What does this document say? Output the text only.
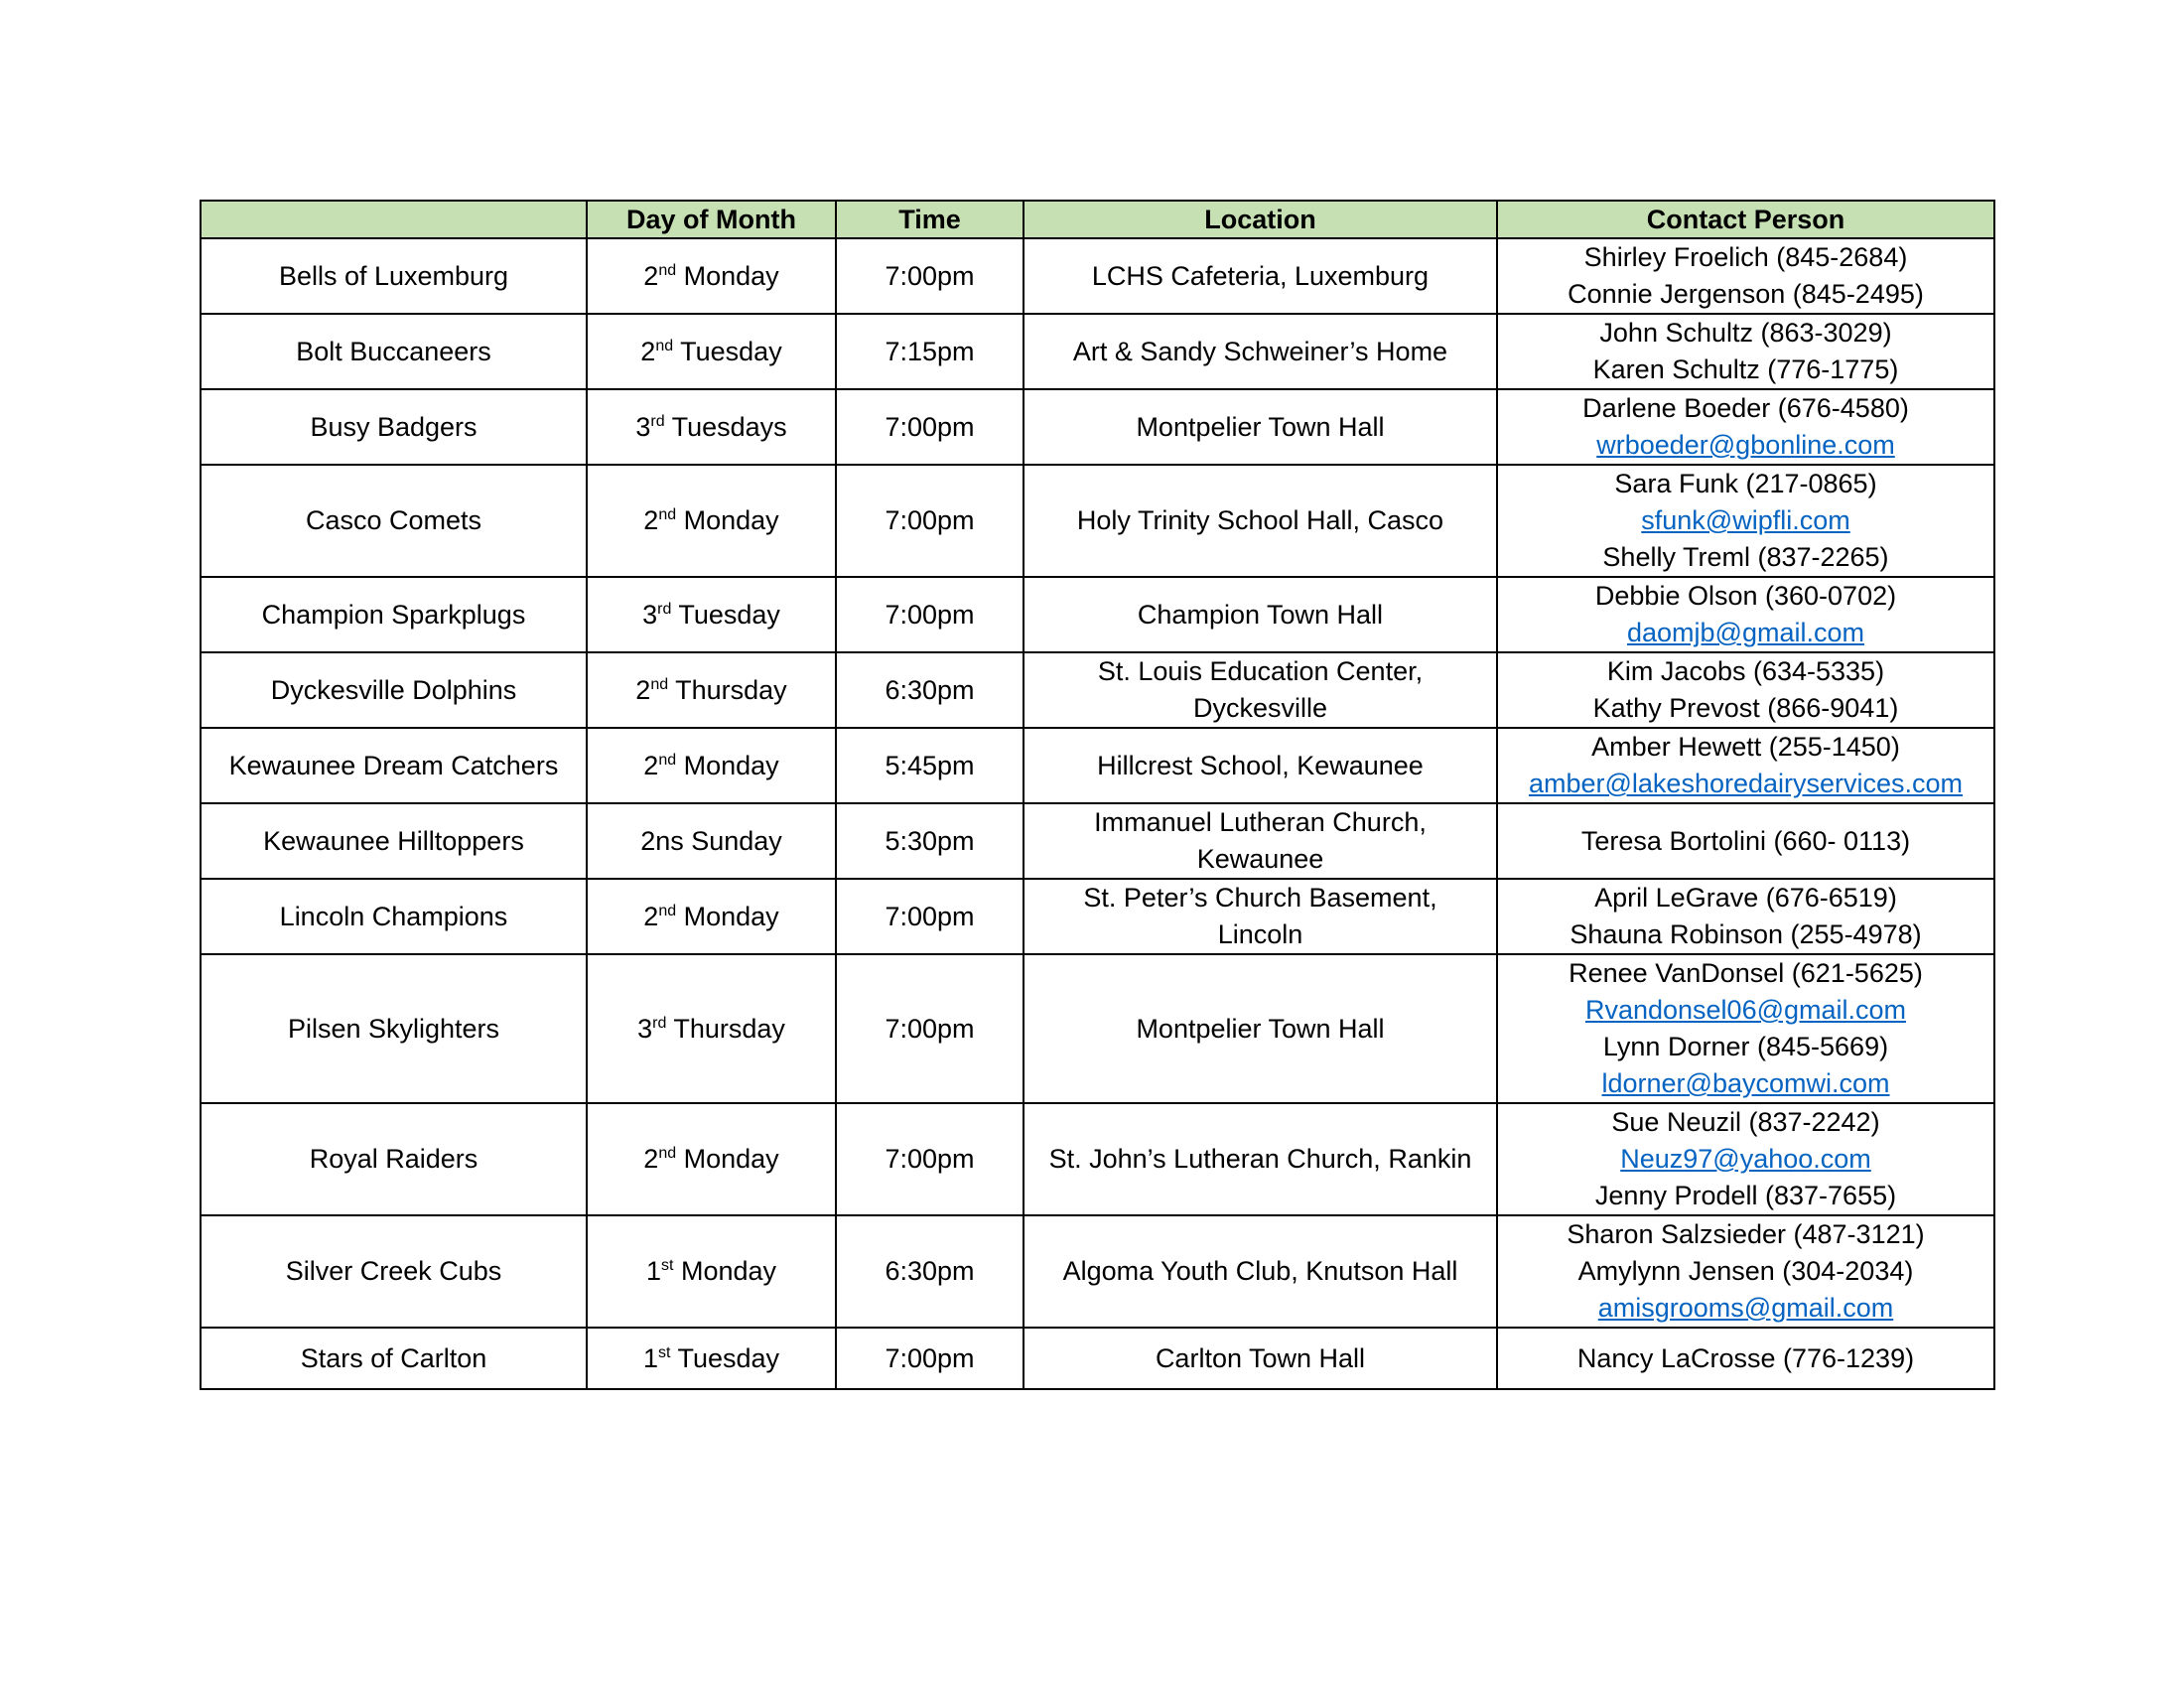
	Day of Month	Time	Location	Contact Person
Bells of Luxemburg	2nd Monday	7:00pm	LCHS Cafeteria, Luxemburg	Shirley Froelich (845-2684)
Connie Jergenson (845-2495)

Bolt Buccaneers	2nd Tuesday	7:15pm	Art & Sandy Schweiner’s Home	John Schultz (863-3029)
Karen Schultz (776-1775)

Busy Badgers	3rd Tuesdays	7:00pm	Montpelier Town Hall	Darlene Boeder (676-4580)
wrboeder@gbonline.com

Casco Comets	2nd Monday	7:00pm	Holy Trinity School Hall, Casco	Sara Funk (217-0865)
sfunk@wipfli.com
Shelly Treml (837-2265)

Champion Sparkplugs	3rd Tuesday	7:00pm	Champion Town Hall	Debbie Olson (360-0702)
daomjb@gmail.com

Dyckesville Dolphins	2nd Thursday	6:30pm	St. Louis Education Center,
Dyckesville	Kim Jacobs (634-5335)
Kathy Prevost (866-9041)

Kewaunee Dream Catchers	2nd Monday	5:45pm	Hillcrest School, Kewaunee	Amber Hewett (255-1450)
amber@lakeshoredairyservices.com

Kewaunee Hilltoppers	2ns Sunday	5:30pm	Immanuel Lutheran Church,
Kewaunee	Teresa Bortolini (660- 0113)

Lincoln Champions	2nd Monday	7:00pm	St. Peter’s Church Basement,
Lincoln	April LeGrave (676-6519)
Shauna Robinson (255-4978)

Pilsen Skylighters	3rd Thursday	7:00pm	Montpelier Town Hall	Renee VanDonsel (621-5625)
Rvandonsel06@gmail.com
Lynn Dorner (845-5669)
ldorner@baycomwi.com

Royal Raiders	2nd Monday	7:00pm	St. John’s Lutheran Church, Rankin	Sue Neuzil (837-2242)
Neuz97@yahoo.com
Jenny Prodell (837-7655)

Silver Creek Cubs	1st Monday	6:30pm	Algoma Youth Club, Knutson Hall	Sharon Salzsieder (487-3121)
Amylynn Jensen (304-2034)
amisgrooms@gmail.com

Stars of Carlton	1st Tuesday	7:00pm	Carlton Town Hall	Nancy LaCrosse (776-1239)
